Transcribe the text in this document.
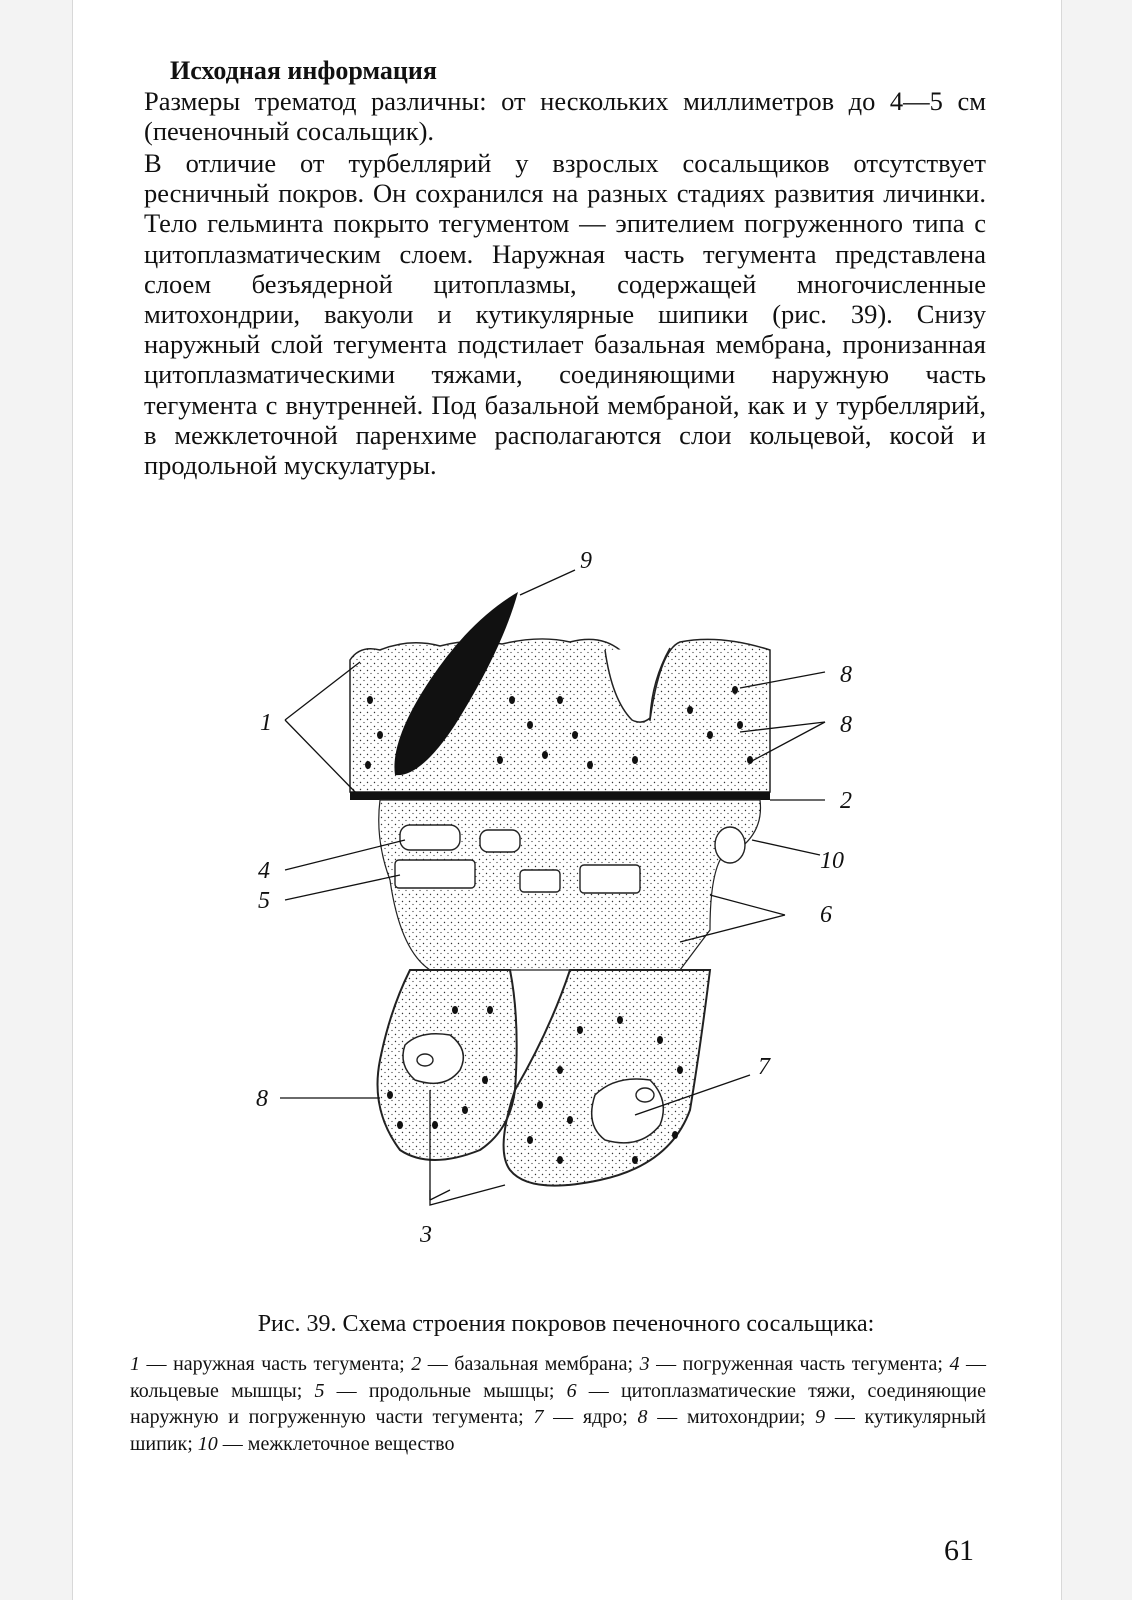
Исходная информация

Размеры трематод различны: от нескольких миллиметров до 4—5 см (печеночный сосальщик).

В отличие от турбеллярий у взрослых сосальщиков отсутствует ресничный покров. Он сохранился на разных стадиях развития личинки. Тело гельминта покрыто тегументом — эпителием погруженного типа с цитоплазматическим слоем. Наружная часть тегумента представлена слоем безъядерной цитоплазмы, содержащей многочисленные митохондрии, вакуоли и кутикулярные шипики (рис. 39). Снизу наружный слой тегумента подстилает базальная мембрана, пронизанная цитоплазматическими тяжами, соединяющими наружную часть тегумента с внутренней. Под базальной мембраной, как и у турбеллярий, в межклеточной паренхиме располагаются слои кольцевой, косой и продольной мускулатуры.

1
2
3
4
5
6
7
8
8
8
9
10

Рис. 39. Схема строения покровов печеночного сосальщика:

1 — наружная часть тегумента; 2 — базальная мембрана; 3 — погруженная часть тегумента; 4 — кольцевые мышцы; 5 — продольные мышцы; 6 — цитоплазматические тяжи, соединяющие наружную и погруженную части тегумента; 7 — ядро; 8 — митохондрии; 9 — кутикулярный шипик; 10 — межклеточное вещество

61
